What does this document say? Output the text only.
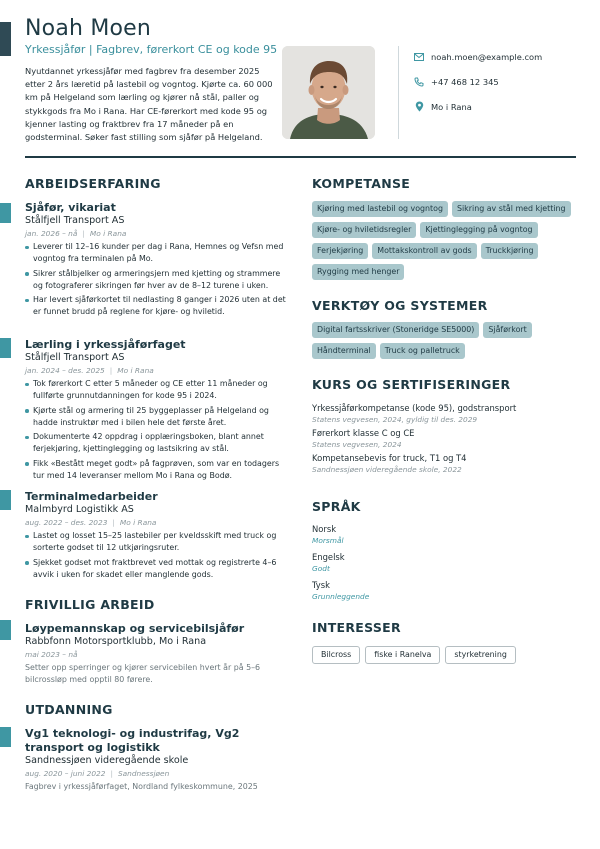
Noah Moen
Yrkessjåfør | Fagbrev, førerkort CE og kode 95
Nyutdannet yrkessjåfør med fagbrev fra desember 2025 etter 2 års læretid på lastebil og vogntog. Kjørte ca. 60 000 km på Helgeland som lærling og kjører nå stål, paller og stykkgods fra Mo i Rana. Har CE-førerkort med kode 95 og kjenner lasting og fraktbrev fra 17 måneder på en godsterminal. Søker fast stilling som sjåfør på Helgeland.
noah.moen@example.com
+47 468 12 345
Mo i Rana
ARBEIDSERFARING
Sjåfør, vikariat
Stålfjell Transport AS
jan. 2026 – nå | Mo i Rana
Leverer til 12–16 kunder per dag i Rana, Hemnes og Vefsn med vogntog fra terminalen på Mo.
Sikrer stålbjelker og armeringsjern med kjetting og strammere og fotograferer sikringen før hver av de 8–12 turene i uken.
Har levert sjåførkortet til nedlasting 8 ganger i 2026 uten at det er funnet brudd på reglene for kjøre- og hviletid.
Lærling i yrkessjåførfaget
Stålfjell Transport AS
jan. 2024 – des. 2025 | Mo i Rana
Tok førerkort C etter 5 måneder og CE etter 11 måneder og fullførte grunnutdanningen for kode 95 i 2024.
Kjørte stål og armering til 25 byggeplasser på Helgeland og hadde instruktør med i bilen hele det første året.
Dokumenterte 42 oppdrag i opplæringsboken, blant annet ferjekjøring, kjettinglegging og lastsikring av stål.
Fikk «Bestått meget godt» på fagprøven, som var en todagers tur med 14 leveranser mellom Mo i Rana og Bodø.
Terminalmedarbeider
Malmbyrd Logistikk AS
aug. 2022 – des. 2023 | Mo i Rana
Lastet og losset 15–25 lastebiler per kveldsskift med truck og sorterte godset til 12 utkjøringsruter.
Sjekket godset mot fraktbrevet ved mottak og registrerte 4–6 avvik i uken for skadet eller manglende gods.
FRIVILLIG ARBEID
Løypemannskap og servicebilsjåfør
Rabbfonn Motorsportklubb, Mo i Rana
mai 2023 – nå
Setter opp sperringer og kjører servicebilen hvert år på 5–6 bilcrossløp med opptil 80 førere.
UTDANNING
Vg1 teknologi- og industrifag, Vg2 transport og logistikk
Sandnessjøen videregående skole
aug. 2020 – juni 2022 | Sandnessjøen
Fagbrev i yrkessjåførfaget, Nordland fylkeskommune, 2025
KOMPETANSE
Kjøring med lastebil og vogntog	Sikring av stål med kjetting
Kjøre- og hviletidsregler	Kjettinglegging på vogntog
Ferjekjøring	Mottakskontroll av gods	Truckkjøring
Rygging med henger
VERKTØY OG SYSTEMER
Digital fartsskriver (Stoneridge SE5000)	Sjåførkort
Håndterminal	Truck og palletruck
KURS OG SERTIFISERINGER
Yrkessjåførkompetanse (kode 95), godstransport
Statens vegvesen, 2024, gyldig til des. 2029
Førerkort klasse C og CE
Statens vegvesen, 2024
Kompetansebevis for truck, T1 og T4
Sandnessjøen videregående skole, 2022
SPRÅK
Norsk
Morsmål
Engelsk
Godt
Tysk
Grunnleggende
INTERESSER
Bilcross	fiske i Ranelva	styrketrening
